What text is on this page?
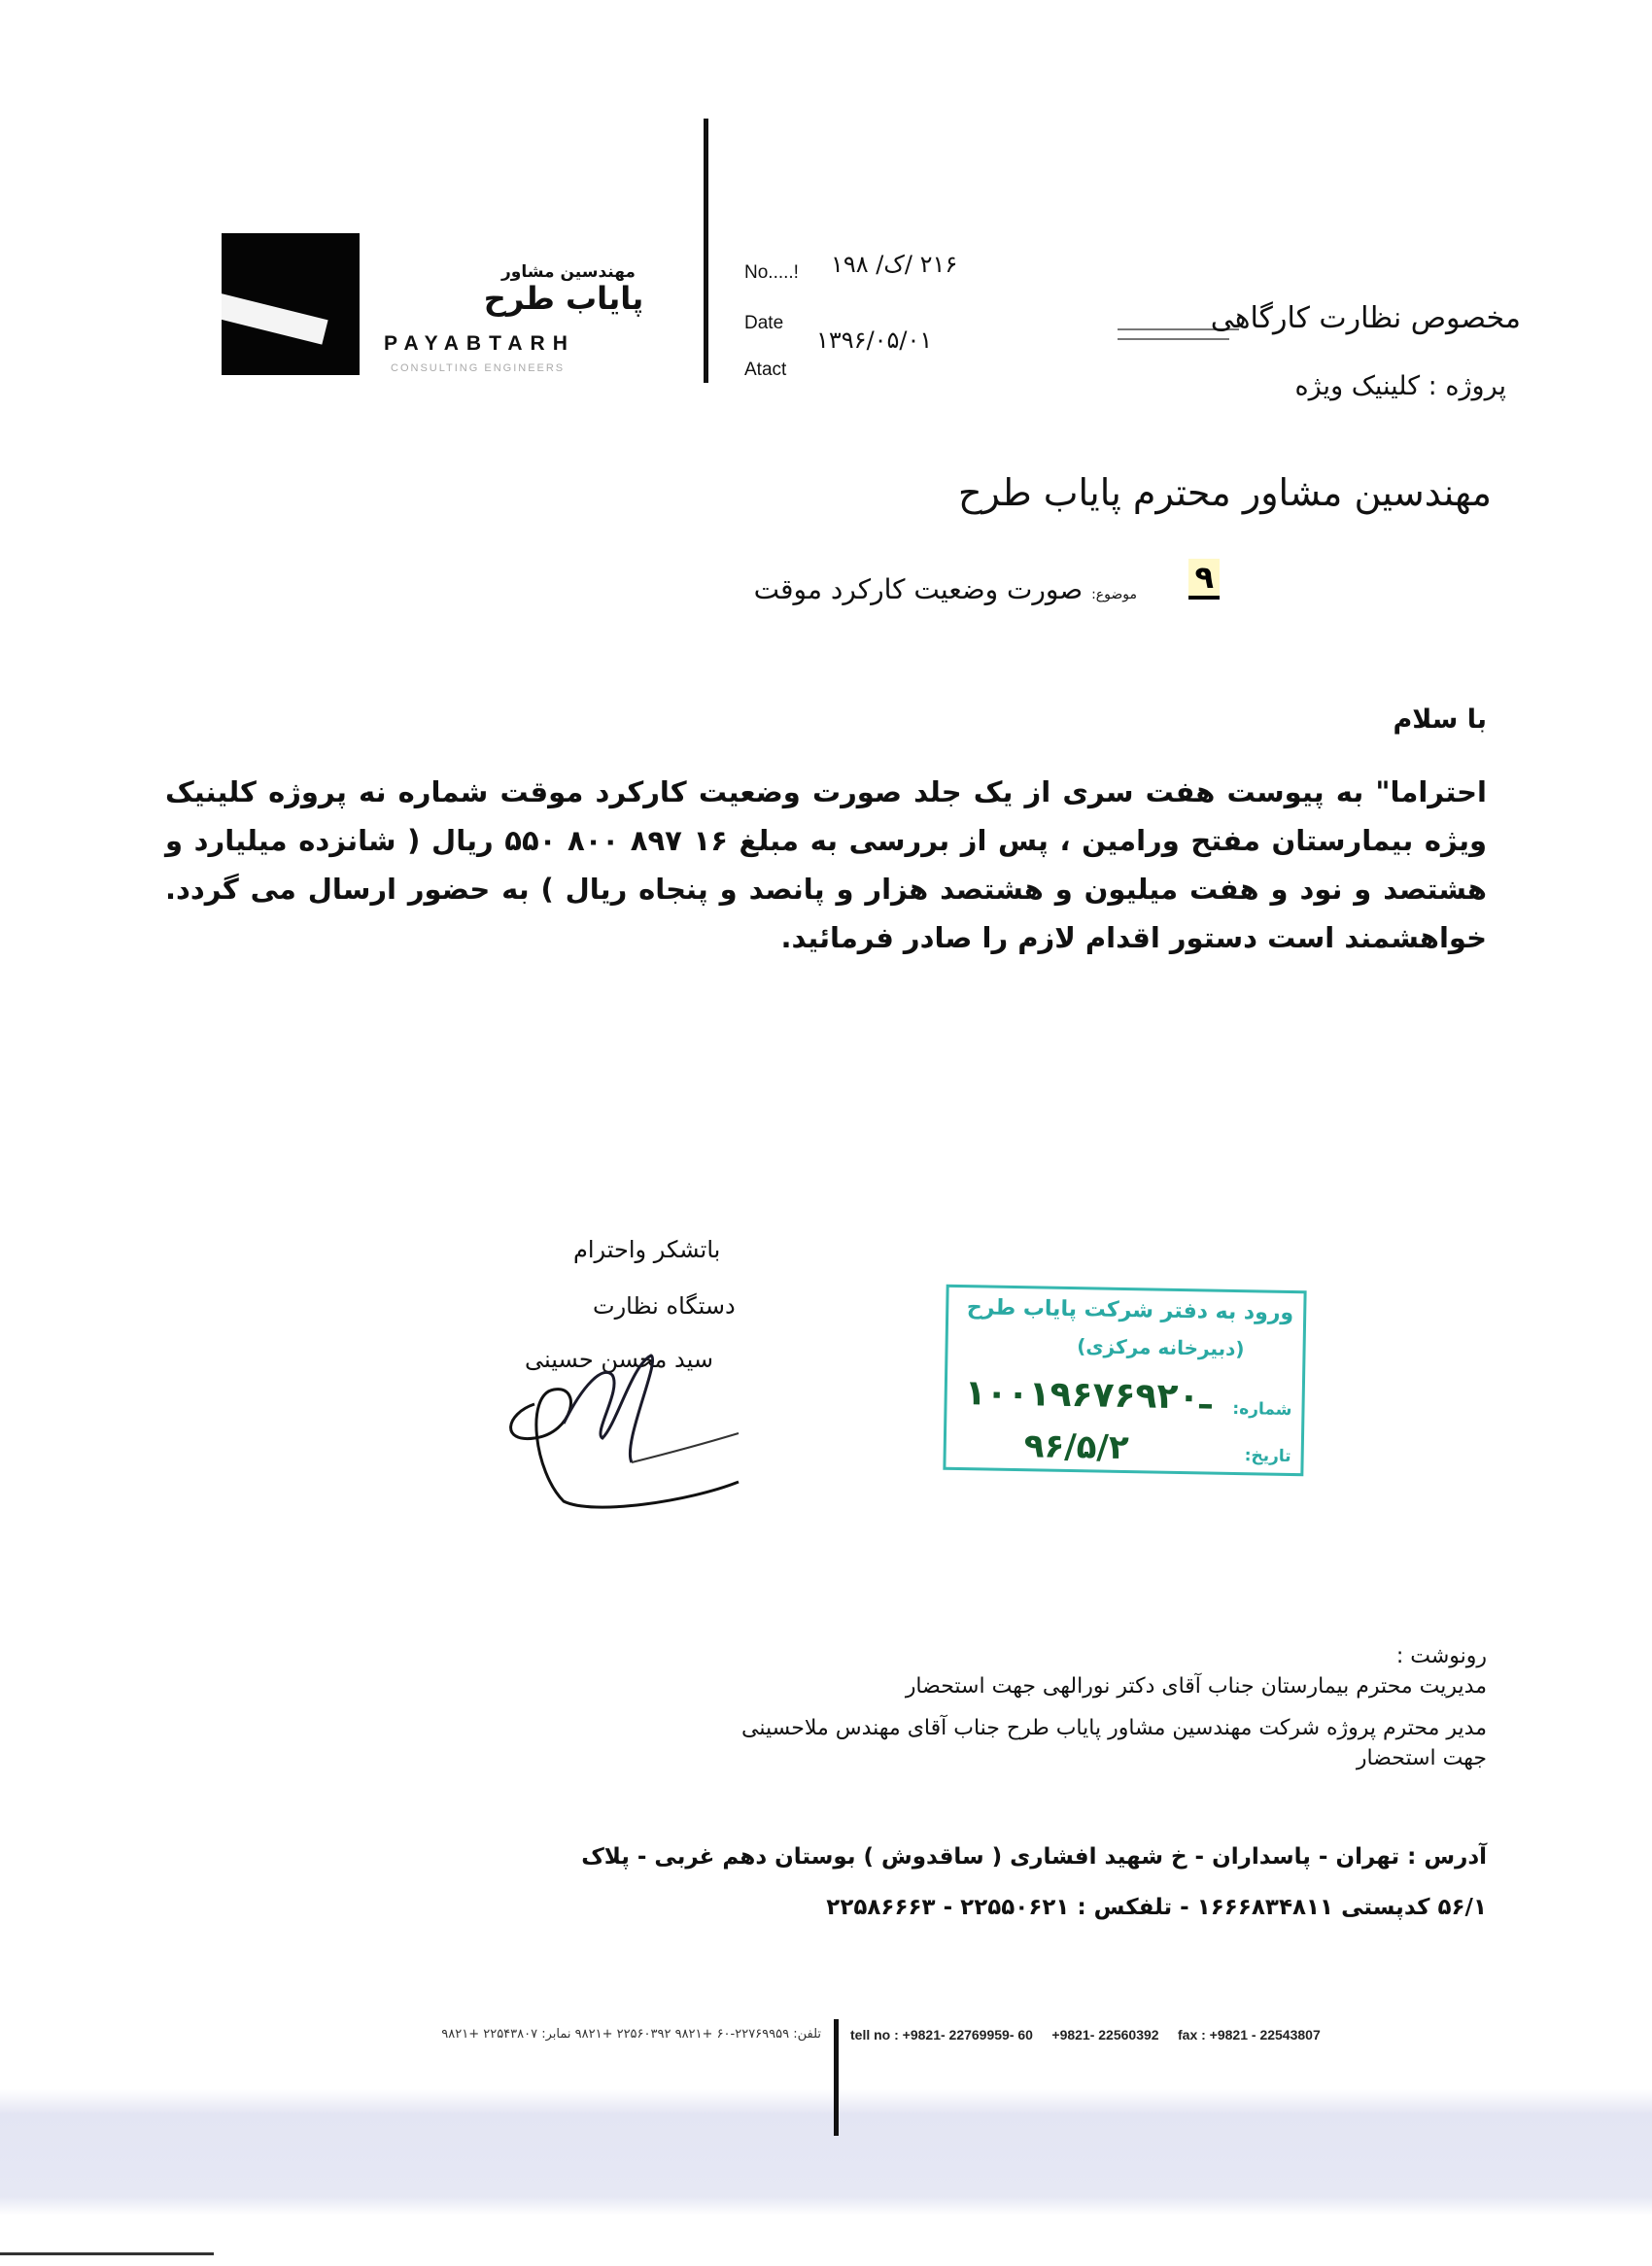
مهندسین مشاور
پایاب طرح
PAYABTARH
CONSULTING ENGINEERS
No.....! ۲۱۶ /ک/ ۱۹۸
Date
۱۳۹۶/۰۵/۰۱
Atact
مخصوص نظارت کارگاهی
پروژه : کلینیک ویژه
مهندسین مشاور محترم پایاب طرح
موضوع: صورت وضعیت کارکرد موقت	۹
با سلام
احتراما" به پیوست هفت سری از یک جلد صورت وضعیت کارکرد موقت شماره نه پروژه کلینیک ویژه بیمارستان مفتح ورامین ، پس از بررسی به مبلغ ۱۶ ۸۹۷ ۸۰۰ ۵۵۰ ریال ( شانزده میلیارد و هشتصد و نود و هفت میلیون و هشتصد هزار و پانصد و پنجاه ریال ) به حضور ارسال می گردد. خواهشمند است دستور اقدام لازم را صادر فرمائید.
باتشکر واحترام
دستگاه نظارت
سید محسن حسینی
ورود به دفتر شرکت پایاب طرح
(دبیرخانه مرکزی)
شماره:
۱۰۰۱۹۶ـ۷۶۹۲۰
تاریخ:
۹۶/۵/۲
رونوشت :
مدیریت محترم بیمارستان جناب آقای دکتر نورالهی جهت استحضار
مدیر محترم پروژه شرکت مهندسین مشاور پایاب طرح جناب آقای مهندس ملاحسینی
جهت استحضار
آدرس : تهران - پاسداران - خ شهید افشاری ( ساقدوش ) بوستان دهم غربی - پلاک
۵۶/۱ کدپستی ۱۶۶۶۸۳۴۸۱۱ - تلفکس : ۲۲۵۵۰۶۲۱ - ۲۲۵۸۶۶۶۳
تلفن: ۲۲۷۶۹۹۵۹-۶۰ +۹۸۲۱ ۲۲۵۶۰۳۹۲ +۹۸۲۱ نمابر: ۲۲۵۴۳۸۰۷ +۹۸۲۱ tell no : +9821- 22769959- 60     +9821- 22560392     fax : +9821 - 22543807
